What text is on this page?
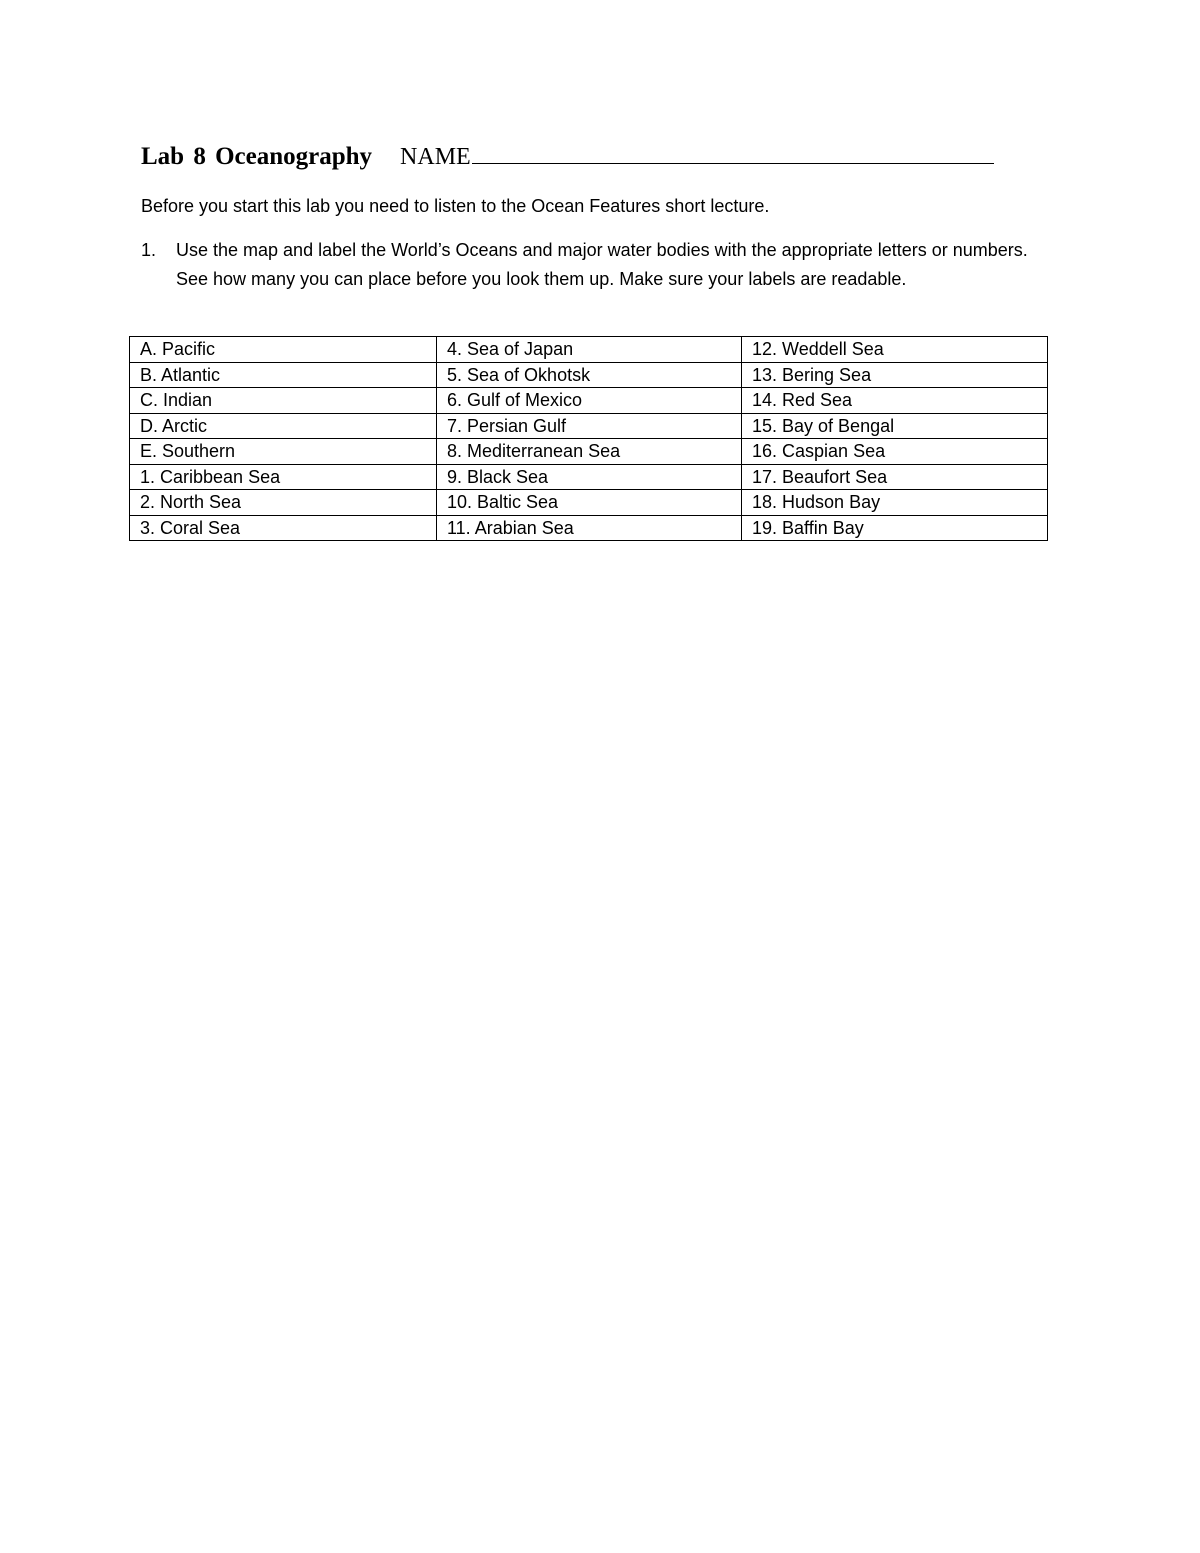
Lab 8 Oceanography NAME
Before you start this lab you need to listen to the Ocean Features short lecture.
1. Use the map and label the World’s Oceans and major water bodies with the appropriate letters or numbers. See how many you can place before you look them up. Make sure your labels are readable.
A. Pacific	4. Sea of Japan	12. Weddell Sea
B. Atlantic	5. Sea of Okhotsk	13. Bering Sea
C. Indian	6. Gulf of Mexico	14. Red Sea
D. Arctic	7. Persian Gulf	15. Bay of Bengal
E. Southern	8. Mediterranean Sea	16. Caspian Sea
1. Caribbean Sea	9. Black Sea	17. Beaufort Sea
2. North Sea	10. Baltic Sea	18. Hudson Bay
3. Coral Sea	11. Arabian Sea	19. Baffin Bay
